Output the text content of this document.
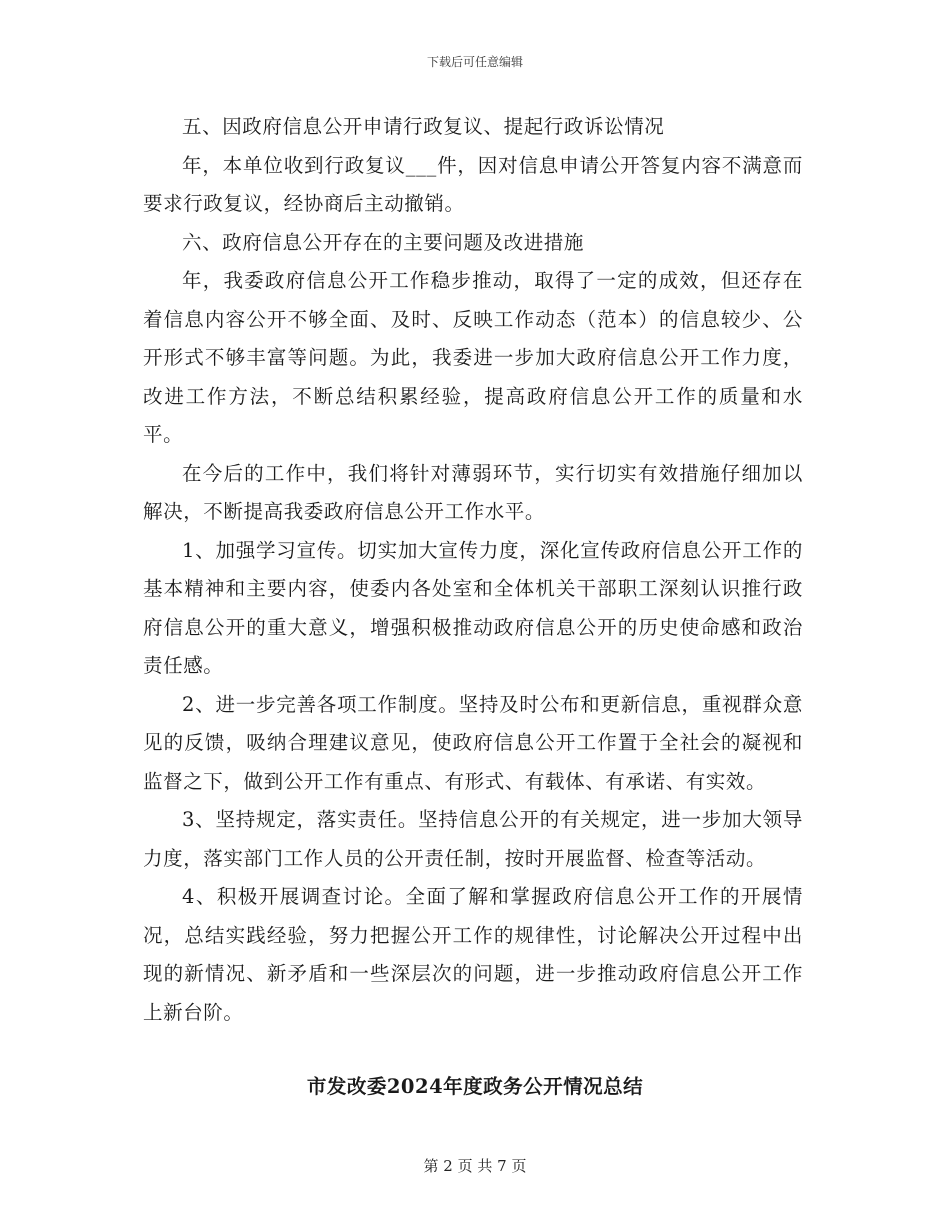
下载后可任意编辑

五、因政府信息公开申请行政复议、提起行政诉讼情况

年，本单位收到行政复议___件，因对信息申请公开答复内容不满意而要求行政复议，经协商后主动撤销。

六、政府信息公开存在的主要问题及改进措施

年，我委政府信息公开工作稳步推动，取得了一定的成效，但还存在着信息内容公开不够全面、及时、反映工作动态（范本）的信息较少、公开形式不够丰富等问题。为此，我委进一步加大政府信息公开工作力度，改进工作方法，不断总结积累经验，提高政府信息公开工作的质量和水平。

在今后的工作中，我们将针对薄弱环节，实行切实有效措施仔细加以解决，不断提高我委政府信息公开工作水平。

1、加强学习宣传。切实加大宣传力度，深化宣传政府信息公开工作的基本精神和主要内容，使委内各处室和全体机关干部职工深刻认识推行政府信息公开的重大意义，增强积极推动政府信息公开的历史使命感和政治责任感。

2、进一步完善各项工作制度。坚持及时公布和更新信息，重视群众意见的反馈，吸纳合理建议意见，使政府信息公开工作置于全社会的凝视和监督之下，做到公开工作有重点、有形式、有载体、有承诺、有实效。

3、坚持规定，落实责任。坚持信息公开的有关规定，进一步加大领导力度，落实部门工作人员的公开责任制，按时开展监督、检查等活动。

4、积极开展调查讨论。全面了解和掌握政府信息公开工作的开展情况，总结实践经验，努力把握公开工作的规律性，讨论解决公开过程中出现的新情况、新矛盾和一些深层次的问题，进一步推动政府信息公开工作上新台阶。

市发改委2024年度政务公开情况总结
第 2 页 共 7 页
